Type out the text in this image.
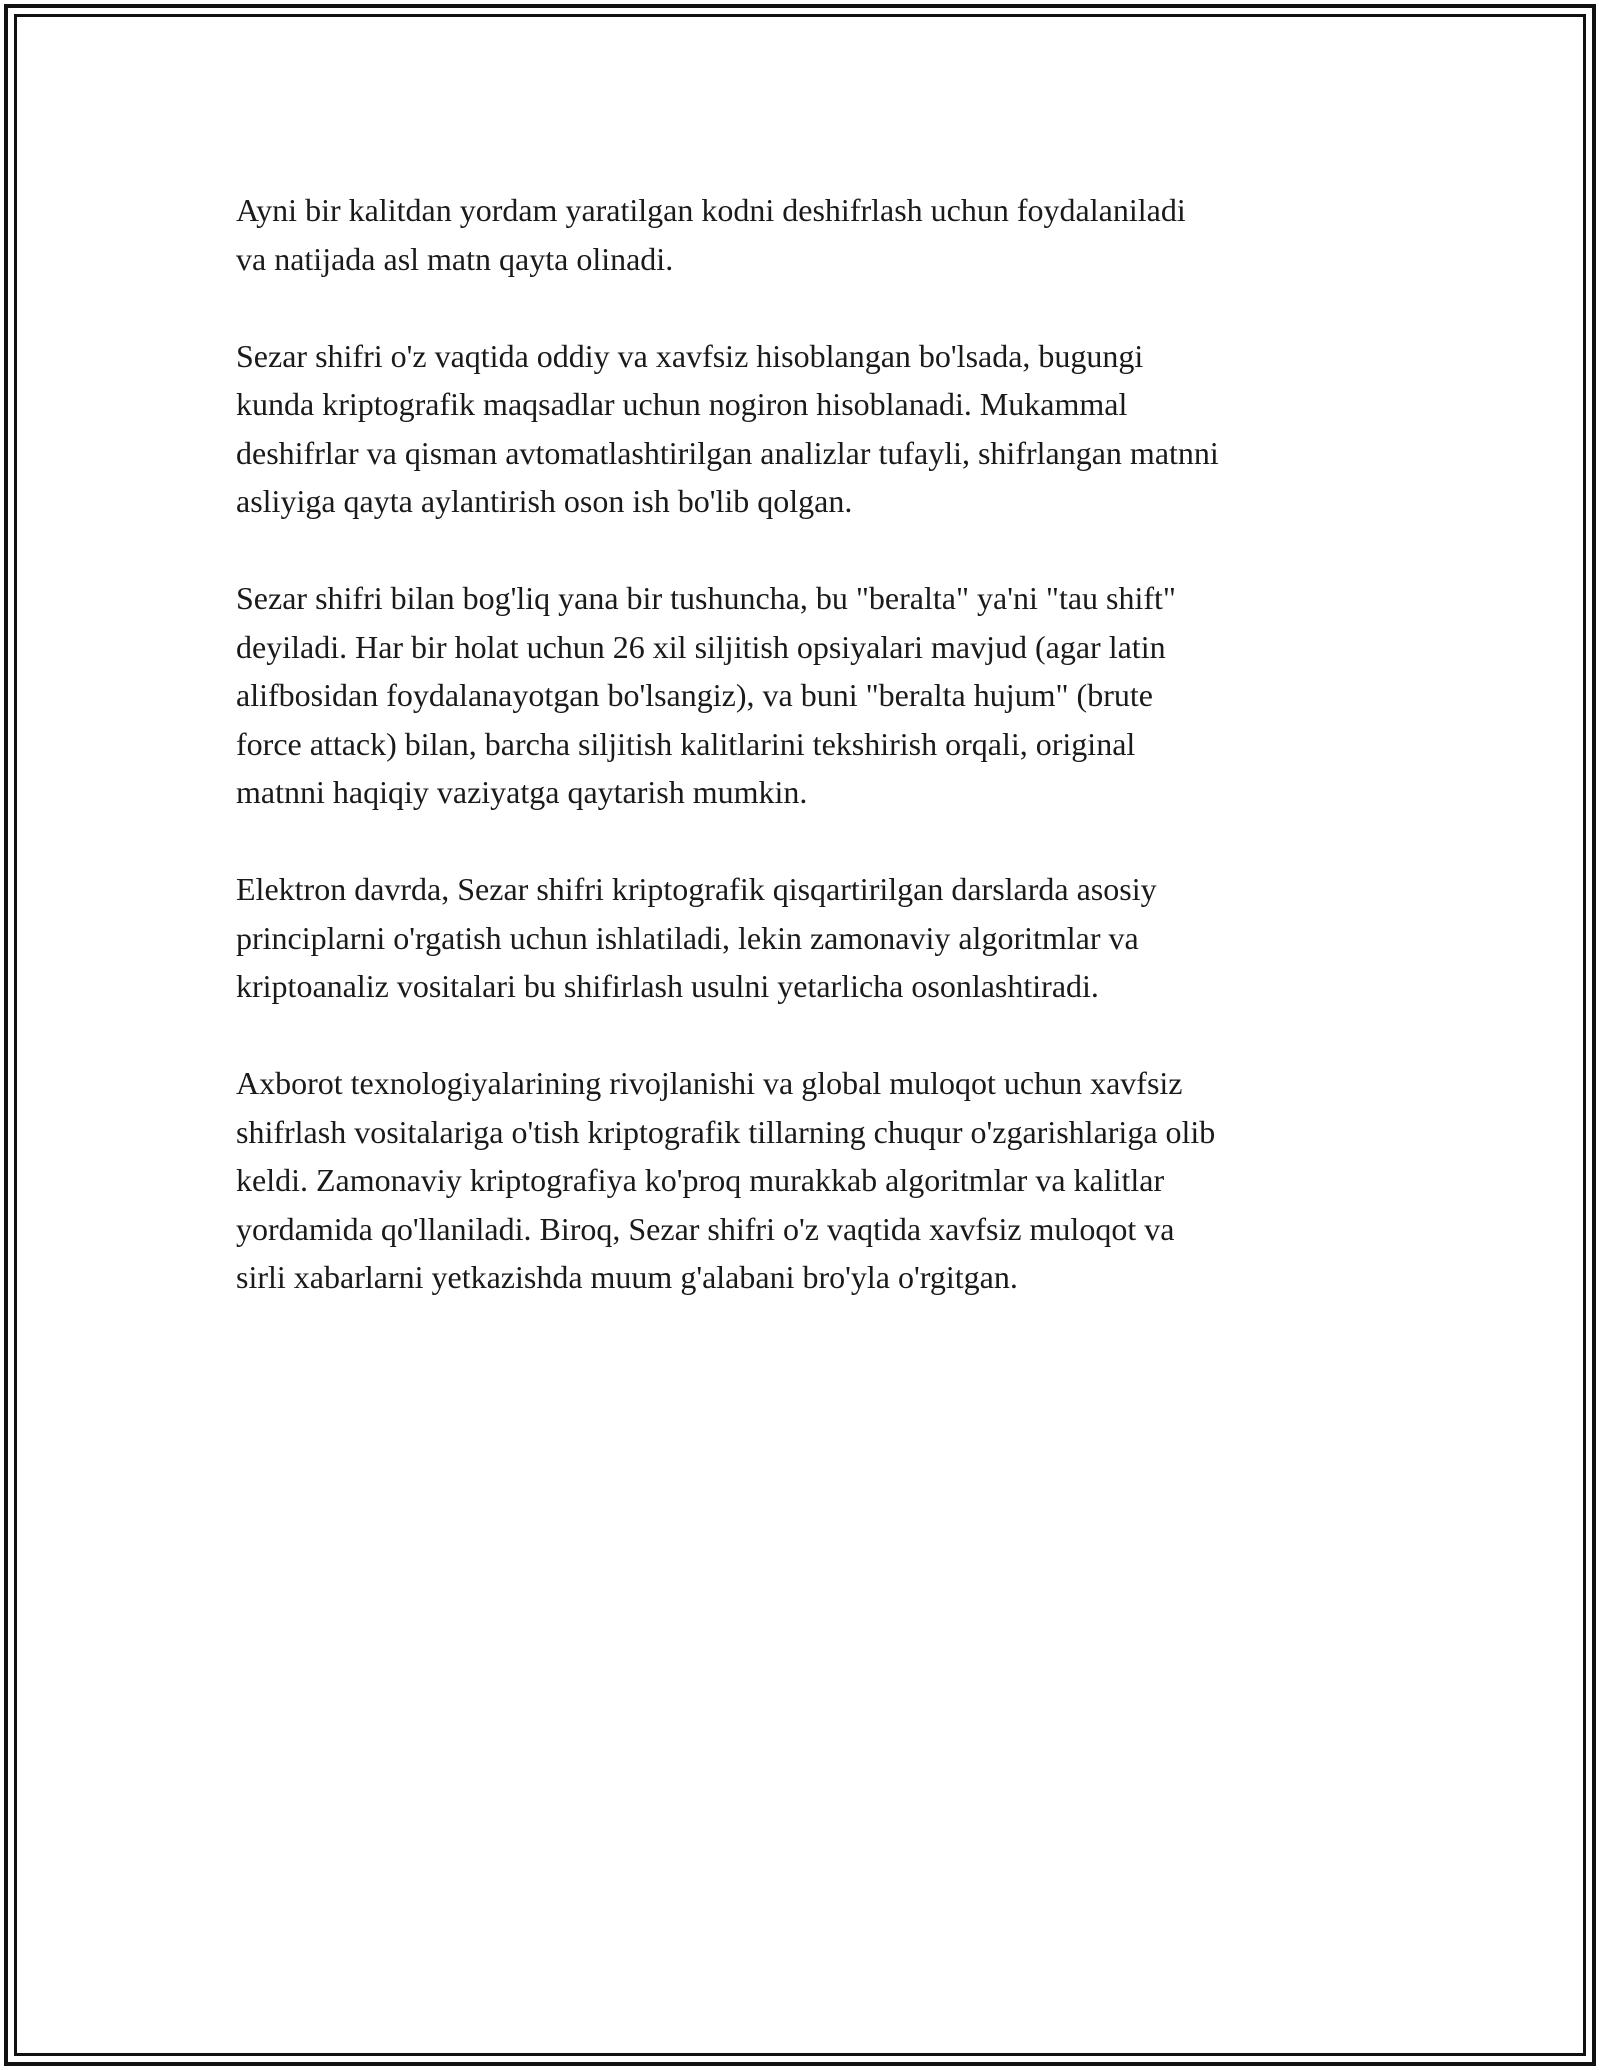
Ayni bir kalitdan yordam yaratilgan kodni deshifrlash uchun foydalaniladi
va natijada asl matn qayta olinadi.

Sezar shifri o'z vaqtida oddiy va xavfsiz hisoblangan bo'lsada, bugungi
kunda kriptografik maqsadlar uchun nogiron hisoblanadi. Mukammal
deshifrlar va qisman avtomatlashtirilgan analizlar tufayli, shifrlangan matnni
asliyiga qayta aylantirish oson ish bo'lib qolgan.

Sezar shifri bilan bog'liq yana bir tushuncha, bu "beralta" ya'ni "tau shift"
deyiladi. Har bir holat uchun 26 xil siljitish opsiyalari mavjud (agar latin
alifbosidan foydalanayotgan bo'lsangiz), va buni "beralta hujum" (brute
force attack) bilan, barcha siljitish kalitlarini tekshirish orqali, original
matnni haqiqiy vaziyatga qaytarish mumkin.

Elektron davrda, Sezar shifri kriptografik qisqartirilgan darslarda asosiy
principlarni o'rgatish uchun ishlatiladi, lekin zamonaviy algoritmlar va
kriptoanaliz vositalari bu shifirlash usulni yetarlicha osonlashtiradi.

Axborot texnologiyalarining rivojlanishi va global muloqot uchun xavfsiz
shifrlash vositalariga o'tish kriptografik tillarning chuqur o'zgarishlariga olib
keldi. Zamonaviy kriptografiya ko'proq murakkab algoritmlar va kalitlar
yordamida qo'llaniladi. Biroq, Sezar shifri o'z vaqtida xavfsiz muloqot va
sirli xabarlarni yetkazishda muum g'alabani bro'yla o'rgitgan.
